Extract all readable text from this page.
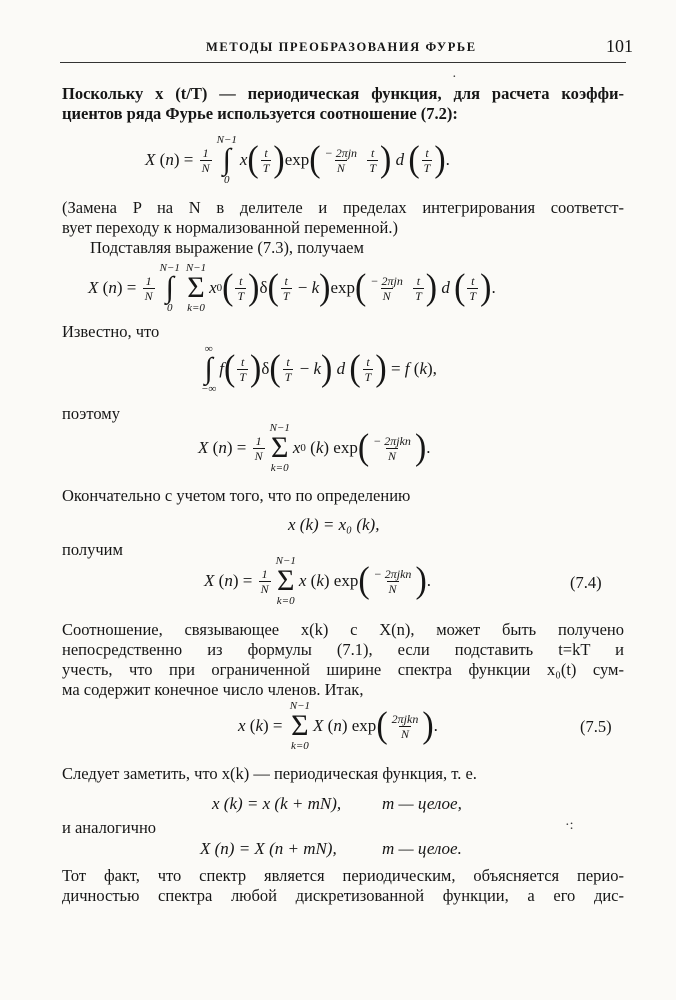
МЕТОДЫ ПРЕОБРАЗОВАНИЯ ФУРЬЕ	101
Поскольку x (t/T) — периодическая функция, для расчета коэффи-
циентов ряда Фурье используется соотношение (7.2):
X ( n ) = $\frac{1}{N}$
N−1
∫
0
x ( $\frac{t}{T}$ ) exp ( $\frac{\text{− 2πjn}}{N}$
$\frac{t}{T}$ )
d
( $\frac{t}{T}$ ) .
(Замена P на N в делителе и пределах интегрирования соответст-
вует переходу к нормализованной переменной.)
Подставляя выражение (7.3), получаем
X ( n ) = $\frac{1}{N}$
N−1
∫
0
N−1
Σ
k=0
x 0 ( $\frac{t}{T}$ ) δ ( $\frac{t}{T} - k$ ) exp ( $\frac{\text{− 2πjn}}{N}$
$\frac{t}{T}$ )
d
( $\frac{t}{T}$ ) .
Известно, что
∞
∫
−∞
f ( $\frac{t}{T}$ ) δ ( $\frac{t}{T} - k$ )
d
( $\frac{t}{T}$ ) = f ( k ),
поэтому
X ( n ) = $\frac{1}{N}$
N−1
Σ
k=0
x 0 ( k ) exp ( $\frac{\text{− 2πjkn}}{N}$ ) .
Окончательно с учетом того, что по определению
x (k) = x₀ (k),
получим
X ( n ) = $\frac{1}{N}$
N−1
Σ
k=0
x ( k ) exp ( $\frac{\text{− 2πjkn}}{N}$ ) .	(7.4)
Соотношение, связывающее x(k) с X(n), может быть получено
непосредственно из формулы (7.1), если подставить t=kT и
учесть, что при ограниченной ширине спектра функции x₀(t) сум-
ма содержит конечное число членов. Итак,
x ( k ) =
N−1
Σ
k=0
X ( n ) exp ( $\frac{\text{2πjkn}}{N}$ ) .	(7.5)
Следует заметить, что x(k) — периодическая функция, т. е.
x (k) = x (k + mN), m — целое,
и аналогично
X (n) = X (n + mN),	m — целое.
Тот факт, что спектр является периодическим, объясняется перио-
дичностью спектра любой дискретизованной функции, а его дис-
·
·:
